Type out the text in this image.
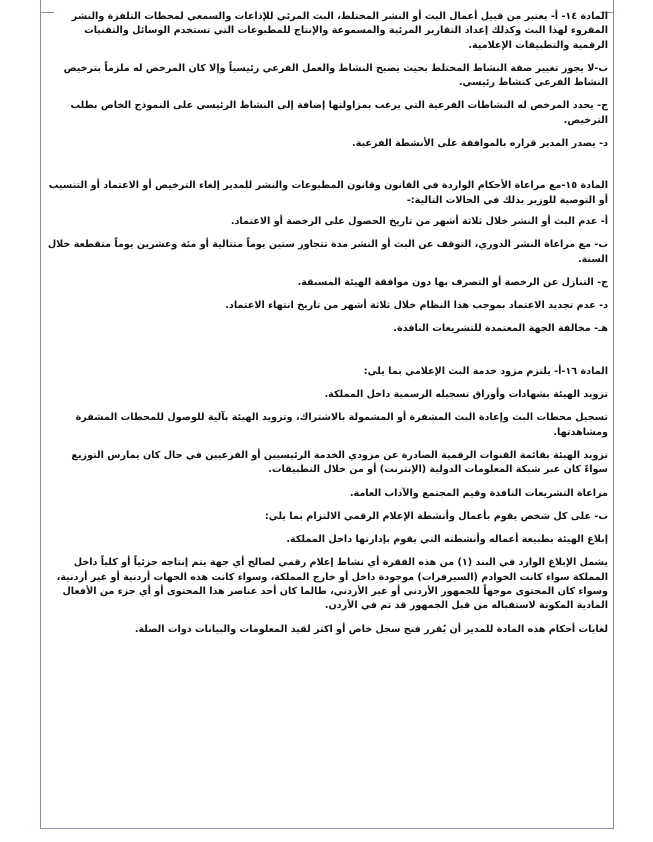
المادة ١٤- أ- يعتبر من قبيل أعمال البث أو النشر المختلط، البث المرئي للإذاعات والسمعي لمحطات التلفزة والنشر المقروء لهذا البث وكذلك إعداد التقارير المرئية والمسموعة والإنتاج للمطبوعات التي تستخدم الوسائل والتقنيات الرقمية والتطبيقات الإعلامية.

ب-لا يجوز تغيير صفة النشاط المختلط بحيث يصبح النشاط والعمل الفرعي رئيسياً وإلا كان المرخص له ملزماً بترخيص النشاط الفرعي كنشاط رئيسي.

ج- يحدد المرخص له النشاطات الفرعية التي يرغب بمزاولتها إضافة إلى النشاط الرئيسي على النموذج الخاص بطلب الترخيص.

د- يصدر المدير قراره بالموافقة على الأنشطة الفرعية.

المادة ١٥-مع مراعاة الأحكام الواردة في القانون وقانون المطبوعات والنشر للمدير إلغاء الترخيص أو الاعتماد أو التنسيب أو التوصية للوزير بذلك في الحالات التالية:-

أ- عدم البث أو النشر خلال ثلاثة أشهر من تاريخ الحصول على الرخصة أو الاعتماد.

ب- مع مراعاة النشر الدوري، التوقف عن البث أو النشر مدة تتجاوز ستين يوماً متتالية أو مئة وعشرين يوماً متقطعة خلال السنة.

ج- التنازل عن الرخصة أو التصرف بها دون موافقة الهيئة المسبقة.

د- عدم تجديد الاعتماد بموجب هذا النظام خلال ثلاثة أشهر من تاريخ انتهاء الاعتماد.

هـ- مخالفة الجهة المعتمدة للتشريعات النافذة.

المادة ١٦-أ- يلتزم مزود خدمة البث الإعلامي بما يلي:

تزويد الهيئة بشهادات وأوراق تسجيله الرسمية داخل المملكة.

تسجيل محطات البث وإعادة البث المشفرة أو المشمولة بالاشتراك، وتزويد الهيئة بآلية للوصول للمحطات المشفرة ومشاهدتها.

تزويد الهيئة بقائمة القنوات الرقمية الصادرة عن مزودي الخدمة الرئيسيين أو الفرعيين في حال كان يمارس التوزيع سواءً كان عبر شبكة المعلومات الدولية (الإنترنت) أو من خلال التطبيقات.

مراعاة التشريعات النافذة وقيم المجتمع والآداب العامة.

ب- على كل شخص يقوم بأعمال وأنشطة الإعلام الرقمي الالتزام بما يلي:

إبلاغ الهيئة بطبيعة أعماله وأنشطته التي يقوم بإدارتها داخل المملكة.

يشمل الإبلاغ الوارد في البند (١) من هذه الفقرة أي نشاط إعلام رقمي لصالح أي جهة يتم إنتاجه جزئياً أو كلياً داخل المملكة سواء كانت الخوادم (السيرفرات) موجودة داخل أو خارج المملكة، وسواء كانت هذه الجهات أردنية أو غير أردنية، وسواء كان المحتوى موجهاً للجمهور الأردني أو غير الأردني، طالما كان أحد عناصر هذا المحتوى أو أي جزء من الأفعال المادية المكونة لاستقباله من قبل الجمهور قد تم في الأردن.

لغايات أحكام هذه المادة للمدير أن يُقرر فتح سجل خاص أو اكثر لقيد المعلومات والبيانات ذوات الصلة.
